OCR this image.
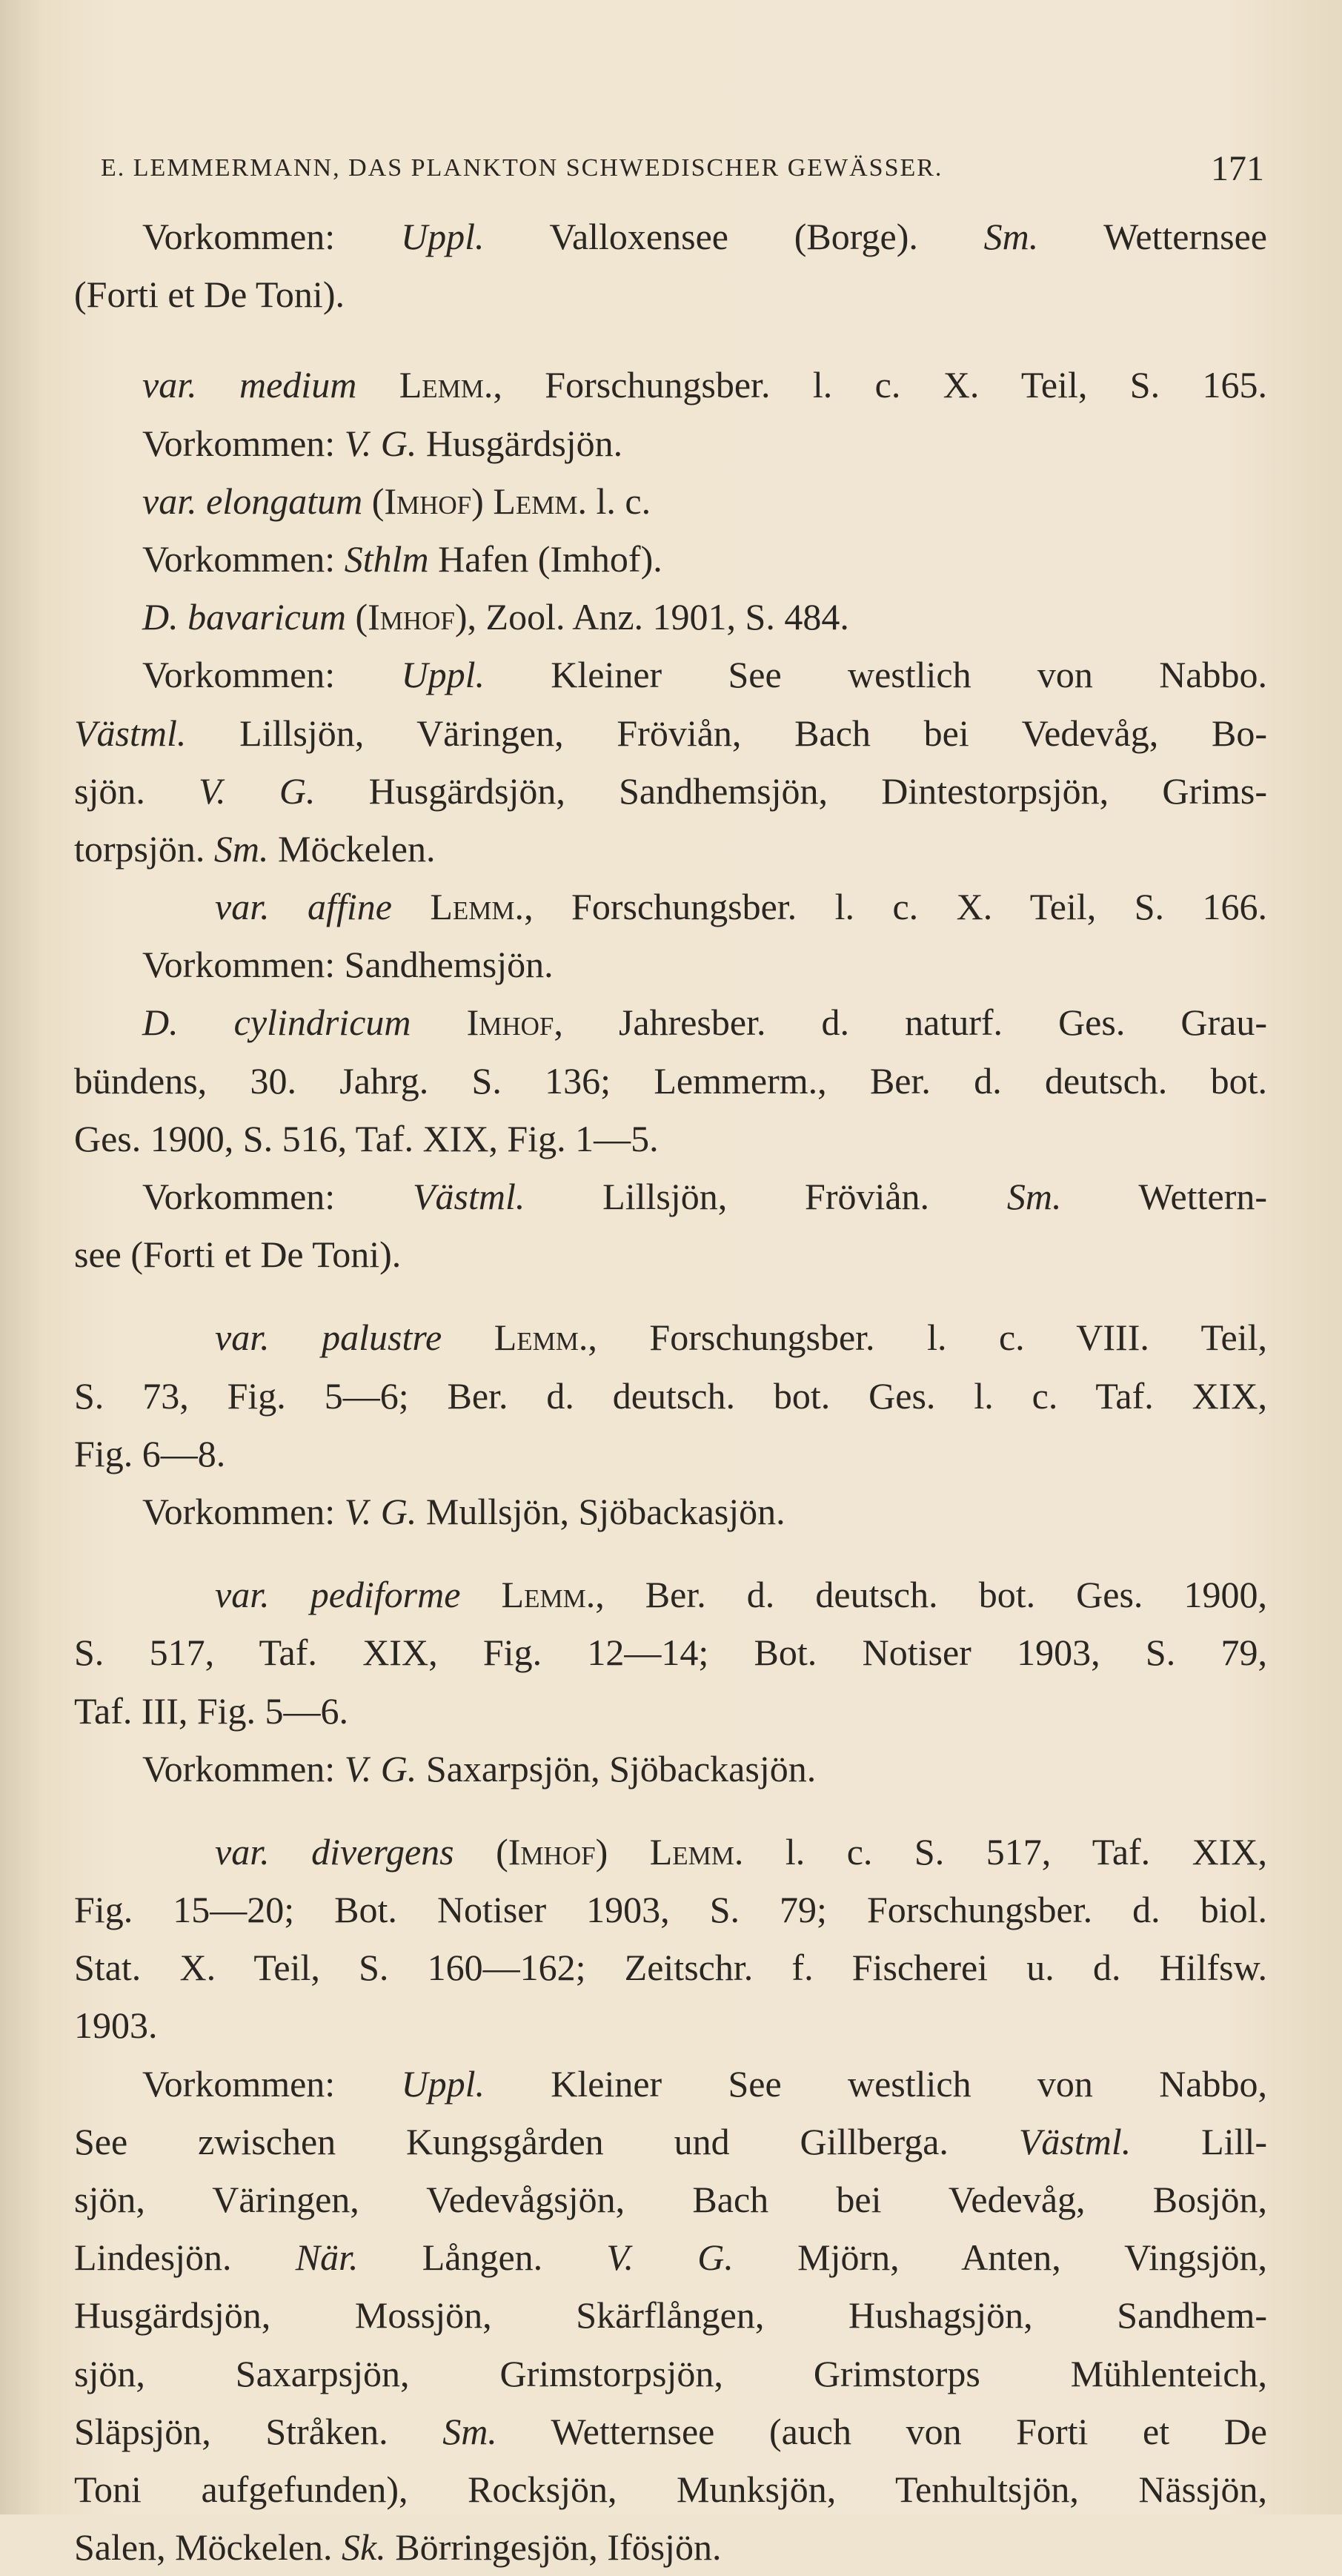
E. LEMMERMANN, DAS PLANKTON SCHWEDISCHER GEWÄSSER.	171
Vorkommen: Uppl. Valloxensee (Borge). Sm. Wetternsee
(Forti et De Toni).
var. medium Lemm., Forschungsber. l. c. X. Teil, S. 165.
Vorkommen: V. G. Husgärdsjön.
var. elongatum (Imhof) Lemm. l. c.
Vorkommen: Sthlm Hafen (Imhof).
D. bavaricum (Imhof), Zool. Anz. 1901, S. 484.
Vorkommen: Uppl. Kleiner See westlich von Nabbo.
Västml. Lillsjön, Väringen, Fröviån, Bach bei Vedevåg, Bo-
sjön. V. G. Husgärdsjön, Sandhemsjön, Dintestorpsjön, Grims-
torpsjön. Sm. Möckelen.
var. affine Lemm., Forschungsber. l. c. X. Teil, S. 166.
Vorkommen: Sandhemsjön.
D. cylindricum Imhof, Jahresber. d. naturf. Ges. Grau-
bündens, 30. Jahrg. S. 136; Lemmerm., Ber. d. deutsch. bot.
Ges. 1900, S. 516, Taf. XIX, Fig. 1—5.
Vorkommen: Västml. Lillsjön, Fröviån. Sm. Wettern-
see (Forti et De Toni).
var. palustre Lemm., Forschungsber. l. c. VIII. Teil,
S. 73, Fig. 5—6; Ber. d. deutsch. bot. Ges. l. c. Taf. XIX,
Fig. 6—8.
Vorkommen: V. G. Mullsjön, Sjöbackasjön.
var. pediforme Lemm., Ber. d. deutsch. bot. Ges. 1900,
S. 517, Taf. XIX, Fig. 12—14; Bot. Notiser 1903, S. 79,
Taf. III, Fig. 5—6.
Vorkommen: V. G. Saxarpsjön, Sjöbackasjön.
var. divergens (Imhof) Lemm. l. c. S. 517, Taf. XIX,
Fig. 15—20; Bot. Notiser 1903, S. 79; Forschungsber. d. biol.
Stat. X. Teil, S. 160—162; Zeitschr. f. Fischerei u. d. Hilfsw.
1903.
Vorkommen: Uppl. Kleiner See westlich von Nabbo,
See zwischen Kungsgården und Gillberga. Västml. Lill-
sjön, Väringen, Vedevågsjön, Bach bei Vedevåg, Bosjön,
Lindesjön. När. Lången. V. G. Mjörn, Anten, Vingsjön,
Husgärdsjön, Mossjön, Skärflången, Hushagsjön, Sandhem-
sjön, Saxarpsjön, Grimstorpsjön, Grimstorps Mühlenteich,
Släpsjön, Stråken. Sm. Wetternsee (auch von Forti et De
Toni aufgefunden), Rocksjön, Munksjön, Tenhultsjön, Nässjön,
Salen, Möckelen. Sk. Börringesjön, Ifösjön.
